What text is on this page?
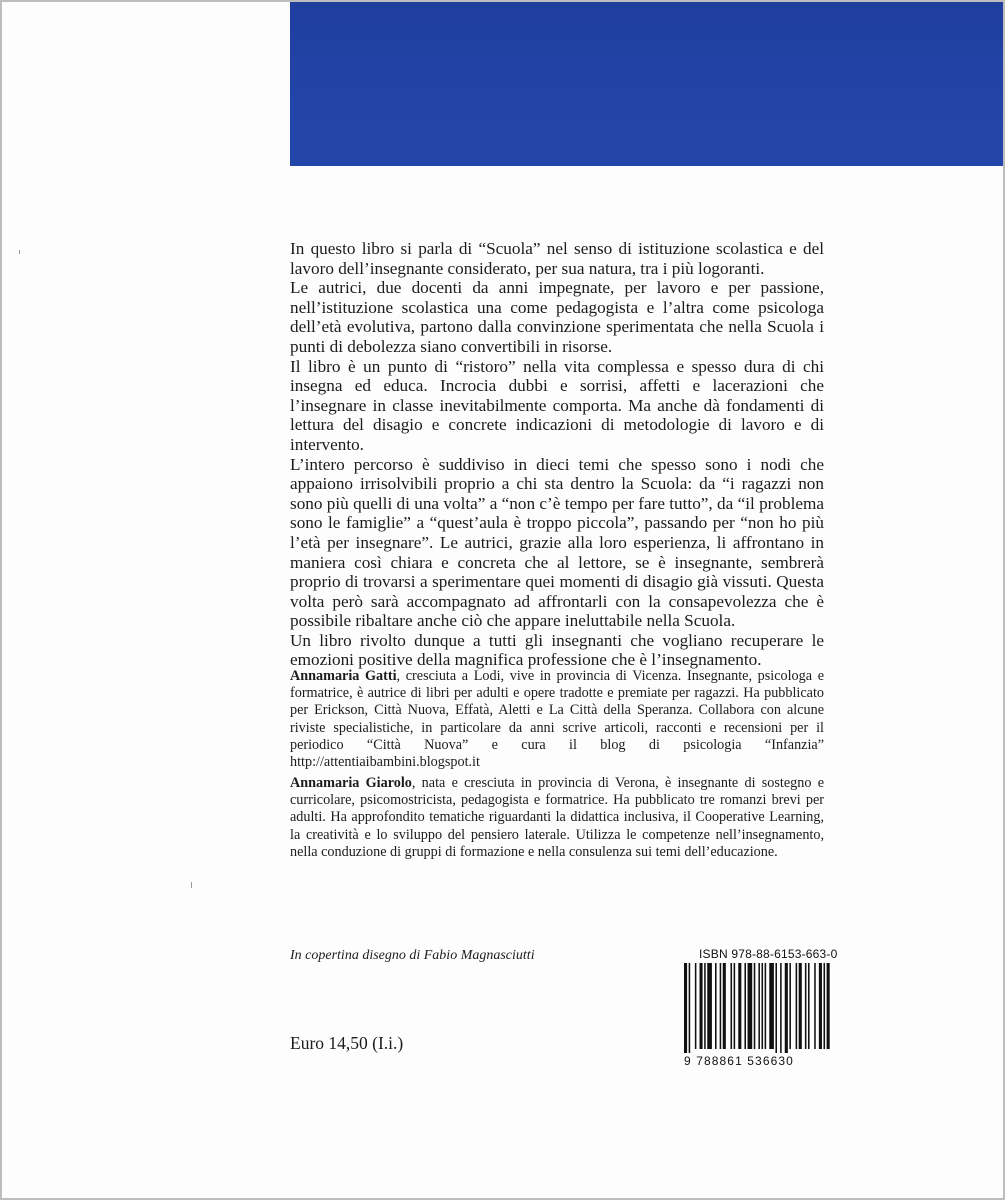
In questo libro si parla di “Scuola” nel senso di istituzione scolastica e del lavoro dell’insegnante considerato, per sua natura, tra i più logoranti.

Le autrici, due docenti da anni impegnate, per lavoro e per passione, nell’istituzione scolastica una come pedagogista e l’altra come psicologa dell’età evolutiva, partono dalla convinzione sperimentata che nella Scuola i punti di debolezza siano convertibili in risorse.

Il libro è un punto di “ristoro” nella vita complessa e spesso dura di chi insegna ed educa. Incrocia dubbi e sorrisi, affetti e lacerazioni che l’insegnare in classe inevitabilmente comporta. Ma anche dà fondamenti di lettura del disagio e concrete indicazioni di metodologie di lavoro e di intervento.

L’intero percorso è suddiviso in dieci temi che spesso sono i nodi che appaiono irrisolvibili proprio a chi sta dentro la Scuola: da “i ragazzi non sono più quelli di una volta” a “non c’è tempo per fare tutto”, da “il problema sono le famiglie” a “quest’aula è troppo piccola”, passando per “non ho più l’età per insegnare”. Le autrici, grazie alla loro esperienza, li affrontano in maniera così chiara e concreta che al lettore, se è insegnante, sembrerà proprio di trovarsi a sperimentare quei momenti di disagio già vissuti. Questa volta però sarà accompagnato ad affrontarli con la consapevolezza che è possibile ribaltare anche ciò che appare ineluttabile nella Scuola.

Un libro rivolto dunque a tutti gli insegnanti che vogliano recuperare le emozioni positive della magnifica professione che è l’insegnamento.

Annamaria Gatti, cresciuta a Lodi, vive in provincia di Vicenza. Insegnante, psicologa e formatrice, è autrice di libri per adulti e opere tradotte e premiate per ragazzi. Ha pubblicato per Erickson, Città Nuova, Effatà, Aletti e La Città della Speranza. Collabora con alcune riviste specialistiche, in particolare da anni scrive articoli, racconti e recensioni per il periodico “Città Nuova” e cura il blog di psicologia “Infanzia” http://attentiaibambini.blogspot.it

Annamaria Giarolo, nata e cresciuta in provincia di Verona, è insegnante di sostegno e curricolare, psicomostricista, pedagogista e formatrice. Ha pubblicato tre romanzi brevi per adulti. Ha approfondito tematiche riguardanti la didattica inclusiva, il Cooperative Learning, la creatività e lo sviluppo del pensiero laterale. Utilizza le competenze nell’insegnamento, nella conduzione di gruppi di formazione e nella consulenza sui temi dell’educazione.

In copertina disegno di Fabio Magnasciutti
Euro 14,50 (I.i.)
ISBN 978-88-6153-663-0
9 788861 536630
